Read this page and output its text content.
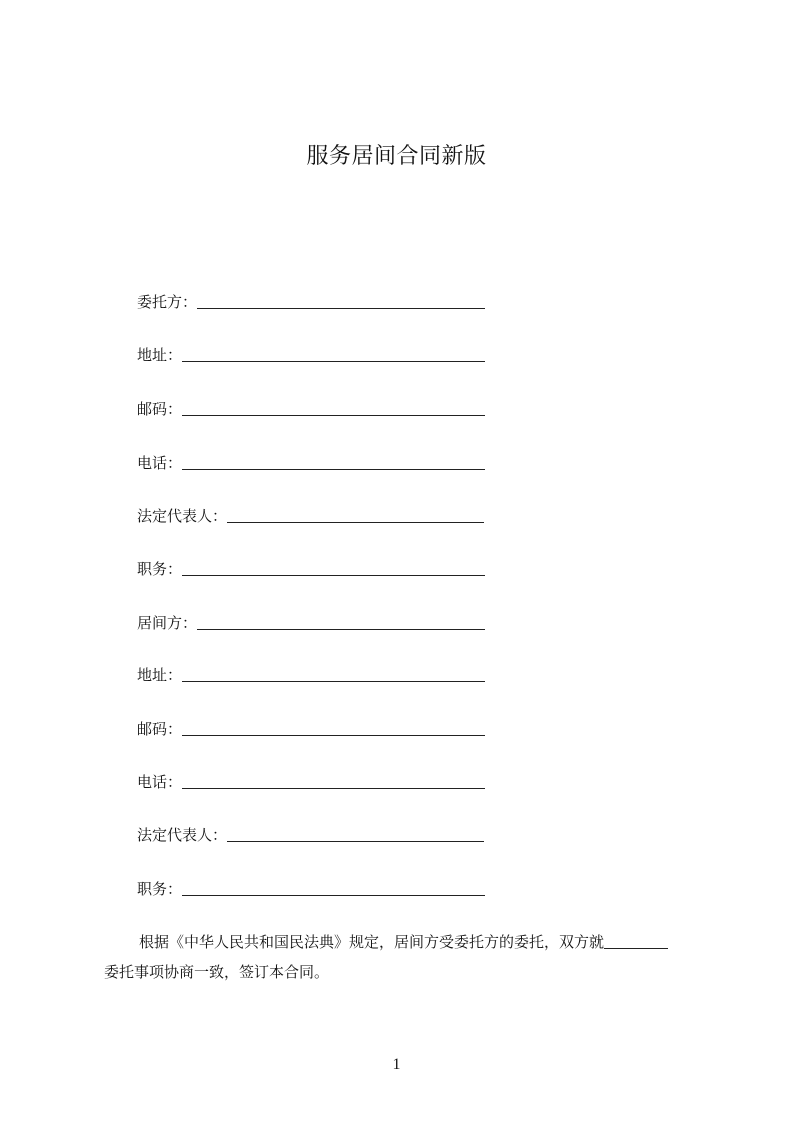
服务居间合同新版
委托方：
地址：
邮码：
电话：
法定代表人：
职务：
居间方：
地址：
邮码：
电话：
法定代表人：
职务：
根据《中华人民共和国民法典》规定，居间方受委托方的委托，双方就
委托事项协商一致，签订本合同。
1
